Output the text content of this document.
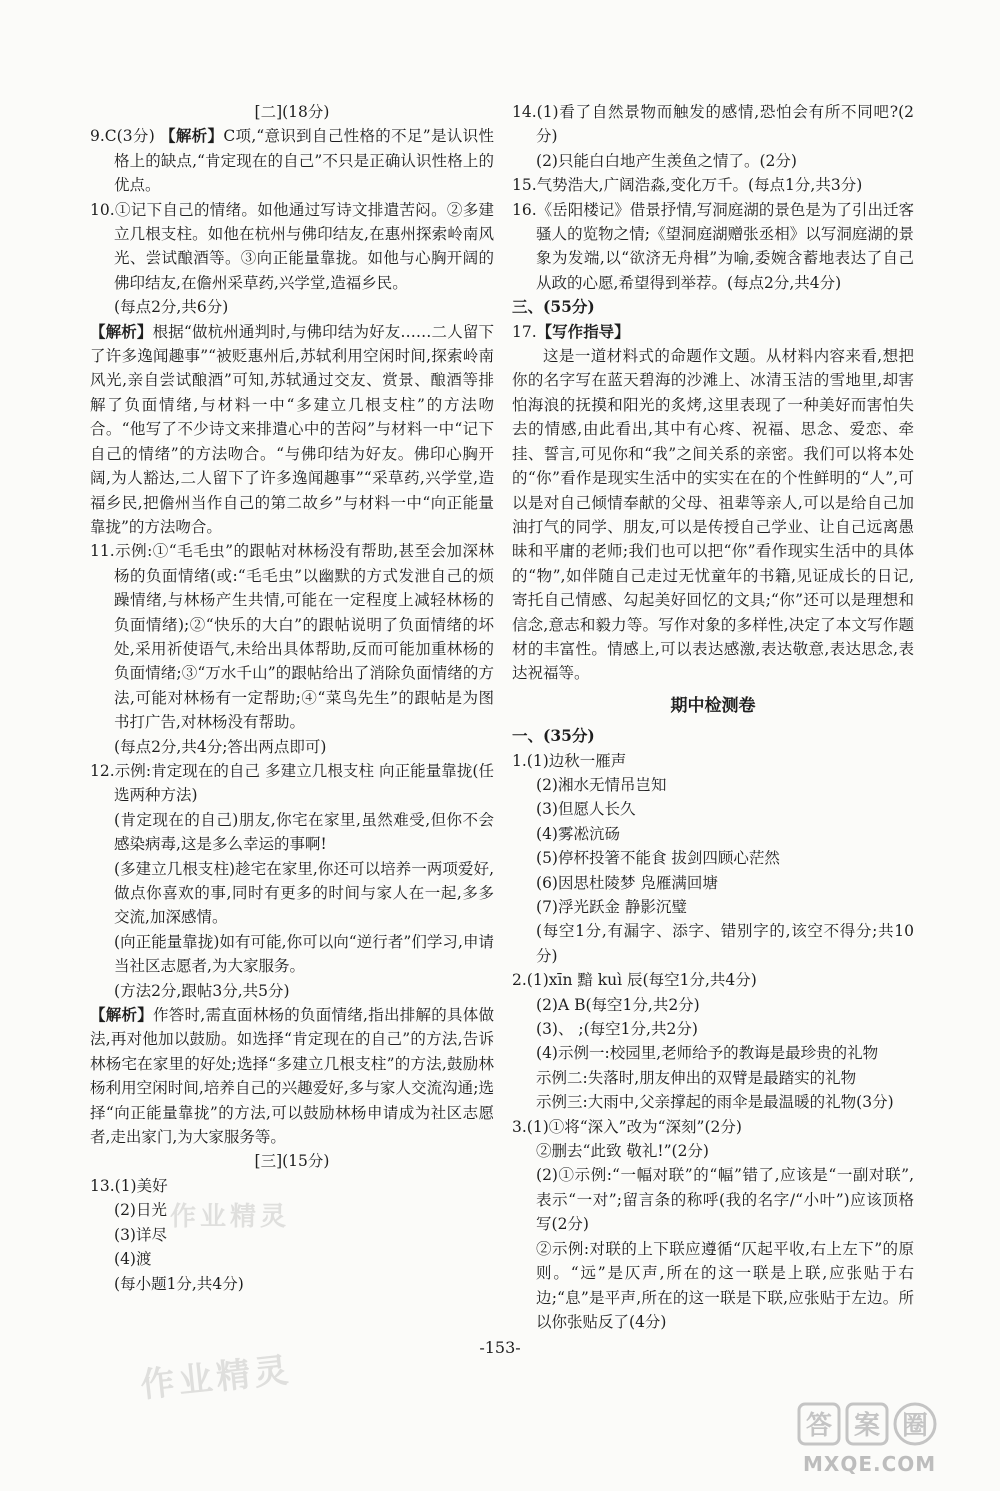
[二](18分)

9.C(3分) 【解析】C项,“意识到自己性格的不足”是认识性格上的缺点,“肯定现在的自己”不只是正确认识性格上的优点。

10.①记下自己的情绪。如他通过写诗文排遣苦闷。②多建立几根支柱。如他在杭州与佛印结友,在惠州探索岭南风光、尝试酿酒等。③向正能量靠拢。如他与心胸开阔的佛印结友,在儋州采草药,兴学堂,造福乡民。

(每点2分,共6分)

【解析】根据“做杭州通判时,与佛印结为好友……二人留下了许多逸闻趣事”“被贬惠州后,苏轼利用空闲时间,探索岭南风光,亲自尝试酿酒”可知,苏轼通过交友、赏景、酿酒等排解了负面情绪,与材料一中“多建立几根支柱”的方法吻合。“他写了不少诗文来排遣心中的苦闷”与材料一中“记下自己的情绪”的方法吻合。“与佛印结为好友。佛印心胸开阔,为人豁达,二人留下了许多逸闻趣事”“采草药,兴学堂,造福乡民,把儋州当作自己的第二故乡”与材料一中“向正能量靠拢”的方法吻合。

11.示例:①“毛毛虫”的跟帖对林杨没有帮助,甚至会加深林杨的负面情绪(或:“毛毛虫”以幽默的方式发泄自己的烦躁情绪,与林杨产生共情,可能在一定程度上减轻林杨的负面情绪);②“快乐的大白”的跟帖说明了负面情绪的坏处,采用祈使语气,未给出具体帮助,反而可能加重林杨的负面情绪;③“万水千山”的跟帖给出了消除负面情绪的方法,可能对林杨有一定帮助;④“菜鸟先生”的跟帖是为图书打广告,对林杨没有帮助。

(每点2分,共4分;答出两点即可)

12.示例:肯定现在的自己 多建立几根支柱 向正能量靠拢(任选两种方法)

(肯定现在的自己)朋友,你宅在家里,虽然难受,但你不会感染病毒,这是多么幸运的事啊!

(多建立几根支柱)趁宅在家里,你还可以培养一两项爱好,做点你喜欢的事,同时有更多的时间与家人在一起,多多交流,加深感情。

(向正能量靠拢)如有可能,你可以向“逆行者”们学习,申请当社区志愿者,为大家服务。

(方法2分,跟帖3分,共5分)

【解析】作答时,需直面林杨的负面情绪,指出排解的具体做法,再对他加以鼓励。如选择“肯定现在的自己”的方法,告诉林杨宅在家里的好处;选择“多建立几根支柱”的方法,鼓励林杨利用空闲时间,培养自己的兴趣爱好,多与家人交流沟通;选择“向正能量靠拢”的方法,可以鼓励林杨申请成为社区志愿者,走出家门,为大家服务等。

[三](15分)

13.(1)美好

(2)日光

(3)详尽

(4)渡

(每小题1分,共4分)

14.(1)看了自然景物而触发的感情,恐怕会有所不同吧?(2分)

(2)只能白白地产生羡鱼之情了。(2分)

15.气势浩大,广阔浩淼,变化万千。(每点1分,共3分)

16.《岳阳楼记》借景抒情,写洞庭湖的景色是为了引出迁客骚人的览物之情;《望洞庭湖赠张丞相》以写洞庭湖的景象为发端,以“欲济无舟楫”为喻,委婉含蓄地表达了自己从政的心愿,希望得到举荐。(每点2分,共4分)

三、(55分)

17.【写作指导】

这是一道材料式的命题作文题。从材料内容来看,想把你的名字写在蓝天碧海的沙滩上、冰清玉洁的雪地里,却害怕海浪的抚摸和阳光的炙烤,这里表现了一种美好而害怕失去的情感,由此看出,其中有心疼、祝福、思念、爱恋、牵挂、誓言,可见你和“我”之间关系的亲密。我们可以将本处的“你”看作是现实生活中的实实在在的个性鲜明的“人”,可以是对自己倾情奉献的父母、祖辈等亲人,可以是给自己加油打气的同学、朋友,可以是传授自己学业、让自己远离愚昧和平庸的老师;我们也可以把“你”看作现实生活中的具体的“物”,如伴随自己走过无忧童年的书籍,见证成长的日记,寄托自己情感、勾起美好回忆的文具;“你”还可以是理想和信念,意志和毅力等。写作对象的多样性,决定了本文写作题材的丰富性。情感上,可以表达感激,表达敬意,表达思念,表达祝福等。

期中检测卷

一、(35分)

1.(1)边秋一雁声

(2)湘水无情吊岂知

(3)但愿人长久

(4)雾凇沆砀

(5)停杯投箸不能食 拔剑四顾心茫然

(6)因思杜陵梦 凫雁满回塘

(7)浮光跃金 静影沉璧

(每空1分,有漏字、添字、错别字的,该空不得分;共10分)

2.(1)xīn 黯 kuì 辰(每空1分,共4分)

(2)A B(每空1分,共2分)

(3)、 ;(每空1分,共2分)

(4)示例一:校园里,老师给予的教诲是最珍贵的礼物

示例二:失落时,朋友伸出的双臂是最踏实的礼物

示例三:大雨中,父亲撑起的雨伞是最温暖的礼物(3分)

3.(1)①将“深入”改为“深刻”(2分)

②删去“此致 敬礼!”(2分)

(2)①示例:“一幅对联”的“幅”错了,应该是“一副对联”,表示“一对”;留言条的称呼(我的名字/“小叶”)应该顶格写(2分)

②示例:对联的上下联应遵循“仄起平收,右上左下”的原则。“远”是仄声,所在的这一联是上联,应张贴于右边;“息”是平声,所在的这一联是下联,应张贴于左边。所以你张贴反了(4分)

-153-
作业精灵
作业精灵
答 案 圈
MXQE.COM
